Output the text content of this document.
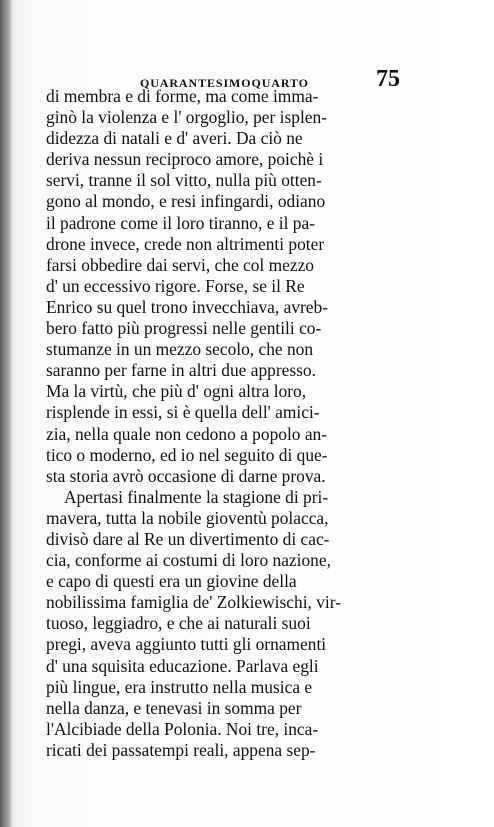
QUARANTESIMOQUARTO	75
di membra e di forme, ma come imma-
ginò la violenza e l' orgoglio, per isplen-
didezza di natali e d' averi. Da ciò ne
deriva nessun reciproco amore, poichè i
servi, tranne il sol vitto, nulla più otten-
gono al mondo, e resi infingardi, odiano
il padrone come il loro tiranno, e il pa-
drone invece, crede non altrimenti poter
farsi obbedire dai servi, che col mezzo
d' un eccessivo rigore. Forse, se il Re
Enrico su quel trono invecchiava, avreb-
bero fatto più progressi nelle gentili co-
stumanze in un mezzo secolo, che non
saranno per farne in altri due appresso.
Ma la virtù, che più d' ogni altra loro,
risplende in essi, si è quella dell' amici-
zia, nella quale non cedono a popolo an-
tico o moderno, ed io nel seguito di que-
sta storia avrò occasione di darne prova.
Apertasi finalmente la stagione di pri-
mavera, tutta la nobile gioventù polacca,
divisò dare al Re un divertimento di cac-
cia, conforme ai costumi di loro nazione,
e capo di questi era un giovine della
nobilissima famiglia de' Zolkiewischi, vir-
tuoso, leggiadro, e che ai naturali suoi
pregi, aveva aggiunto tutti gli ornamenti
d' una squisita educazione. Parlava egli
più lingue, era instrutto nella musica e
nella danza, e tenevasi in somma per
l'Alcibiade della Polonia. Noi tre, inca-
ricati dei passatempi reali, appena sep-
